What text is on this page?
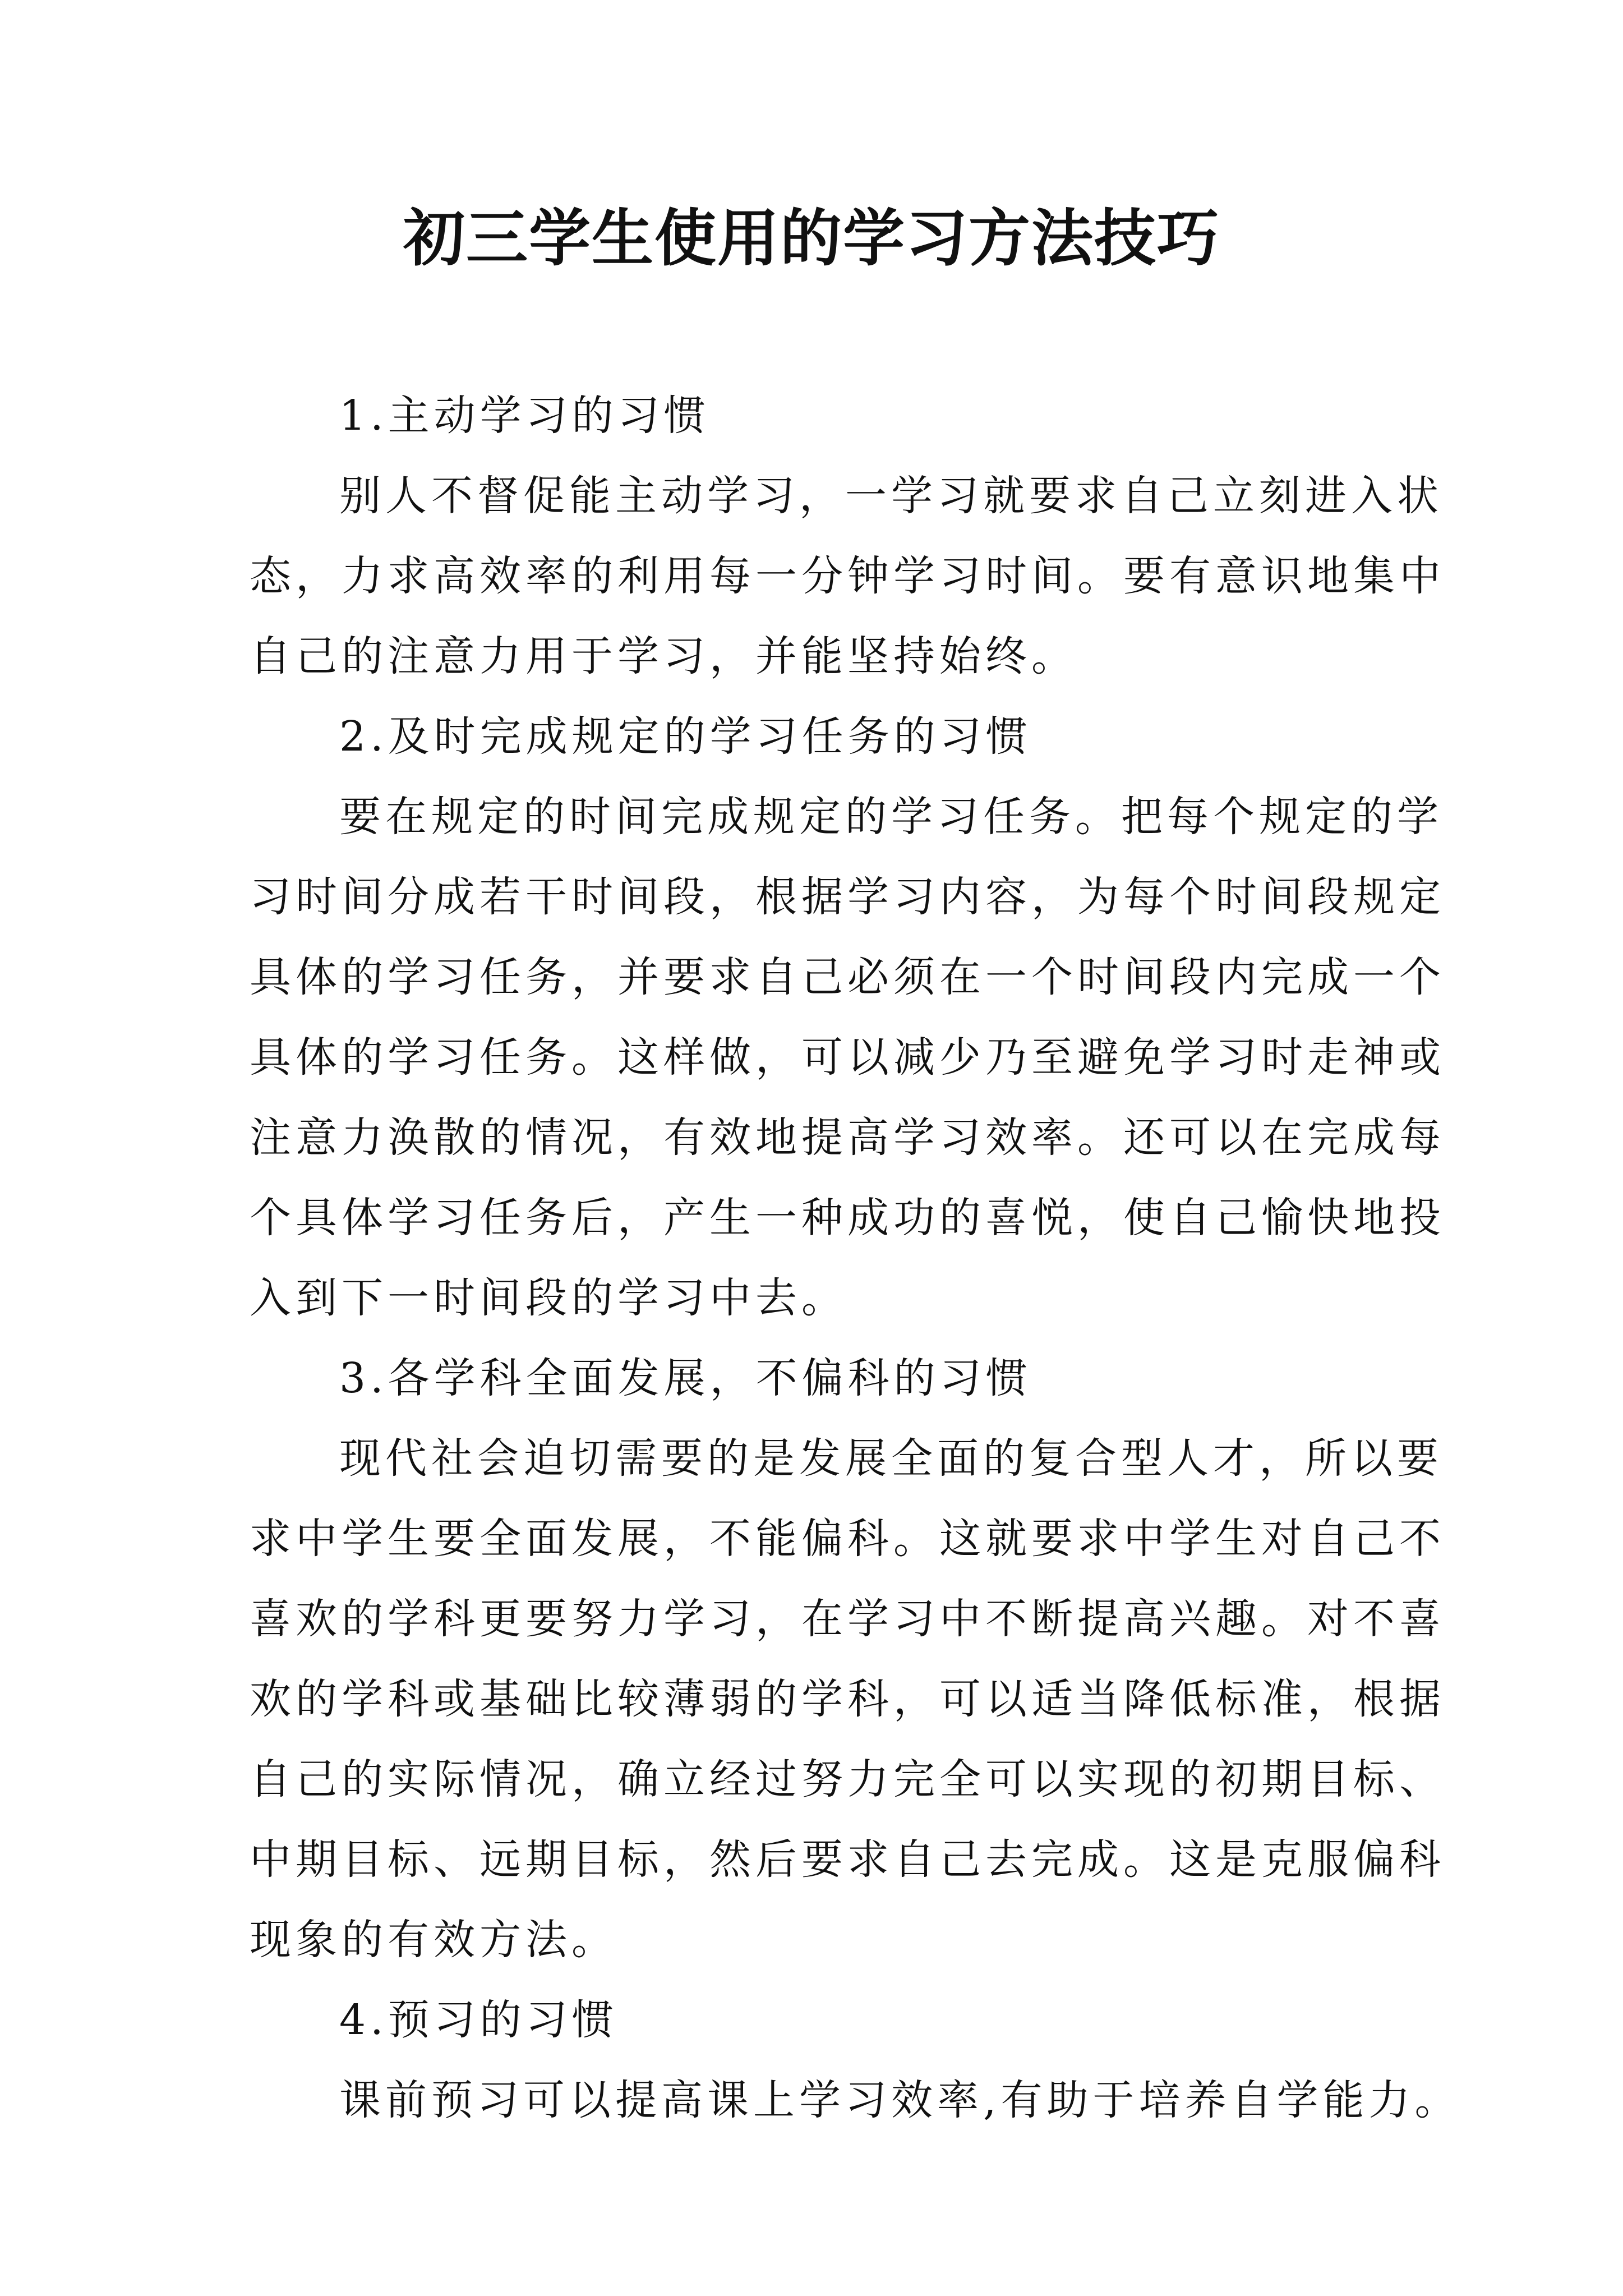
初三学生使用的学习方法技巧
1.主动学习的习惯
别人不督促能主动学习，一学习就要求自己立刻进入状
态，力求高效率的利用每一分钟学习时间。要有意识地集中
自己的注意力用于学习，并能坚持始终。
2.及时完成规定的学习任务的习惯
要在规定的时间完成规定的学习任务。把每个规定的学
习时间分成若干时间段，根据学习内容，为每个时间段规定
具体的学习任务，并要求自己必须在一个时间段内完成一个
具体的学习任务。这样做，可以减少乃至避免学习时走神或
注意力涣散的情况，有效地提高学习效率。还可以在完成每
个具体学习任务后，产生一种成功的喜悦，使自己愉快地投
入到下一时间段的学习中去。
3.各学科全面发展，不偏科的习惯
现代社会迫切需要的是发展全面的复合型人才，所以要
求中学生要全面发展，不能偏科。这就要求中学生对自己不
喜欢的学科更要努力学习，在学习中不断提高兴趣。对不喜
欢的学科或基础比较薄弱的学科，可以适当降低标准，根据
自己的实际情况，确立经过努力完全可以实现的初期目标、
中期目标、远期目标，然后要求自己去完成。这是克服偏科
现象的有效方法。
4.预习的习惯
课前预习可以提高课上学习效率,有助于培养自学能力。
